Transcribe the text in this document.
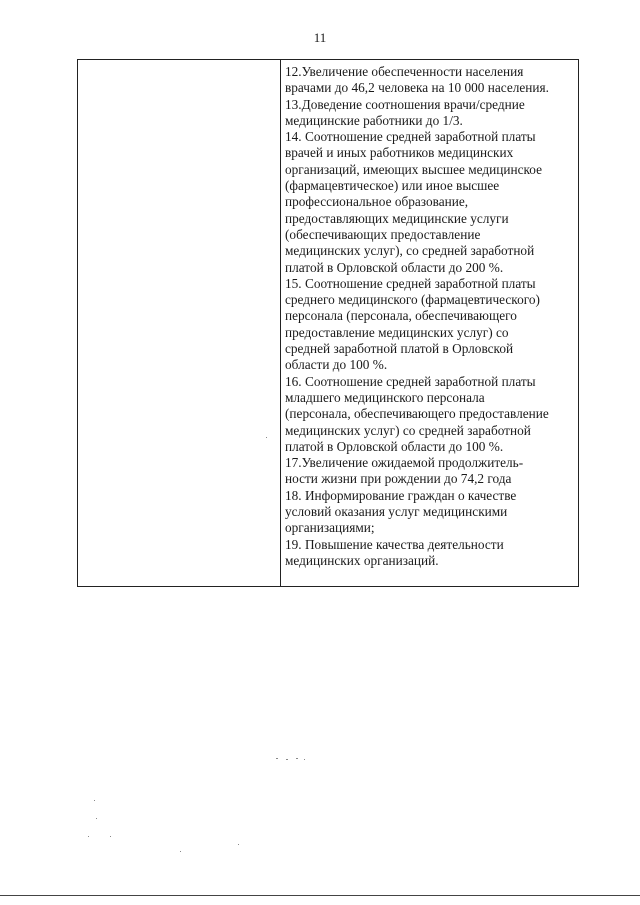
11

12.Увеличение обеспеченности населения
врачами до 46,2 человека на 10 000 населения.

13.Доведение соотношения врачи/средние
медицинские работники до 1/3.

14. Соотношение средней заработной платы
врачей и иных работников медицинских
организаций, имеющих высшее медицинское
(фармацевтическое) или иное высшее
профессиональное образование,
предоставляющих медицинские услуги
(обеспечивающих предоставление
медицинских услуг), со средней заработной
платой в Орловской области до 200 %.

15. Соотношение средней заработной платы
среднего медицинского (фармацевтического)
персонала (персонала, обеспечивающего
предоставление медицинских услуг) со
средней заработной платой в Орловской
области до 100 %.

16. Соотношение средней заработной платы
младшего медицинского персонала
(персонала, обеспечивающего предоставление
медицинских услуг) со средней заработной
платой в Орловской области до 100 %.

17.Увеличение ожидаемой продолжитель-
ности жизни при рождении до 74,2 года

18. Информирование граждан о качестве
условий оказания услуг медицинскими
организациями;

19. Повышение качества деятельности
медицинских организаций.
